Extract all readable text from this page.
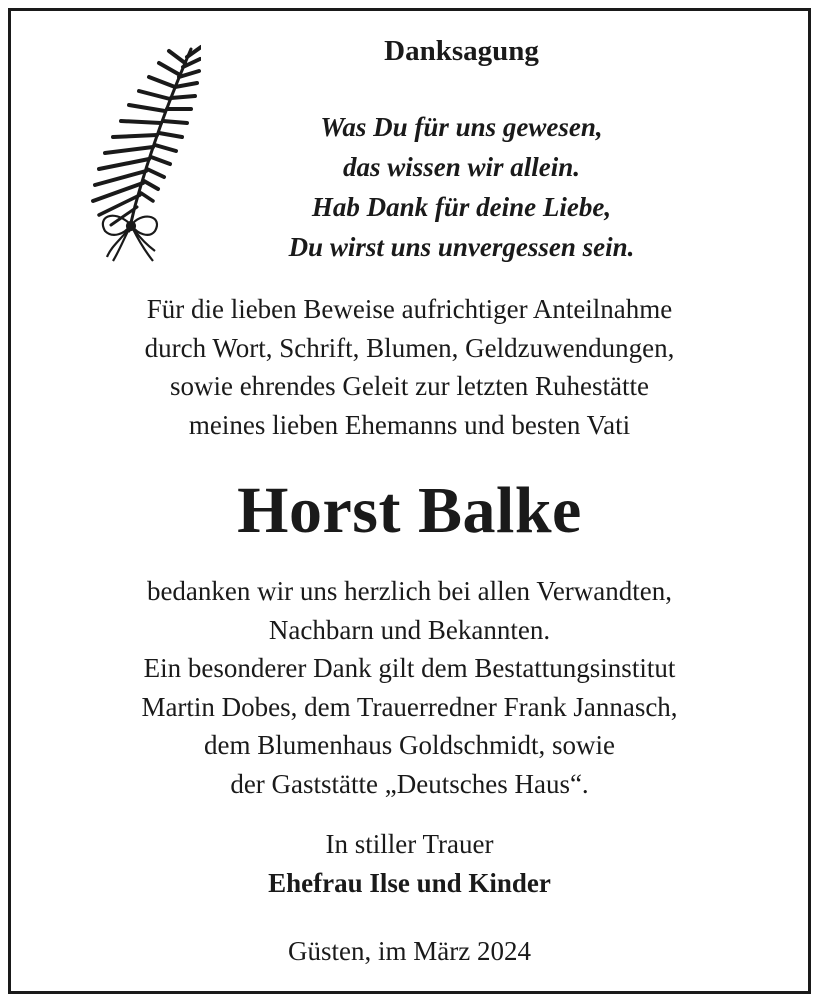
Danksagung
Was Du für uns gewesen,
das wissen wir allein.
Hab Dank für deine Liebe,
Du wirst uns unvergessen sein.
Für die lieben Beweise aufrichtiger Anteilnahme
durch Wort, Schrift, Blumen, Geldzuwendungen,
sowie ehrendes Geleit zur letzten Ruhestätte
meines lieben Ehemanns und besten Vati
Horst Balke
bedanken wir uns herzlich bei allen Verwandten,
Nachbarn und Bekannten.
Ein besonderer Dank gilt dem Bestattungsinstitut
Martin Dobes, dem Trauerredner Frank Jannasch,
dem Blumenhaus Goldschmidt, sowie
der Gaststätte „Deutsches Haus“.
In stiller Trauer
Ehefrau Ilse und Kinder
Güsten, im März 2024
